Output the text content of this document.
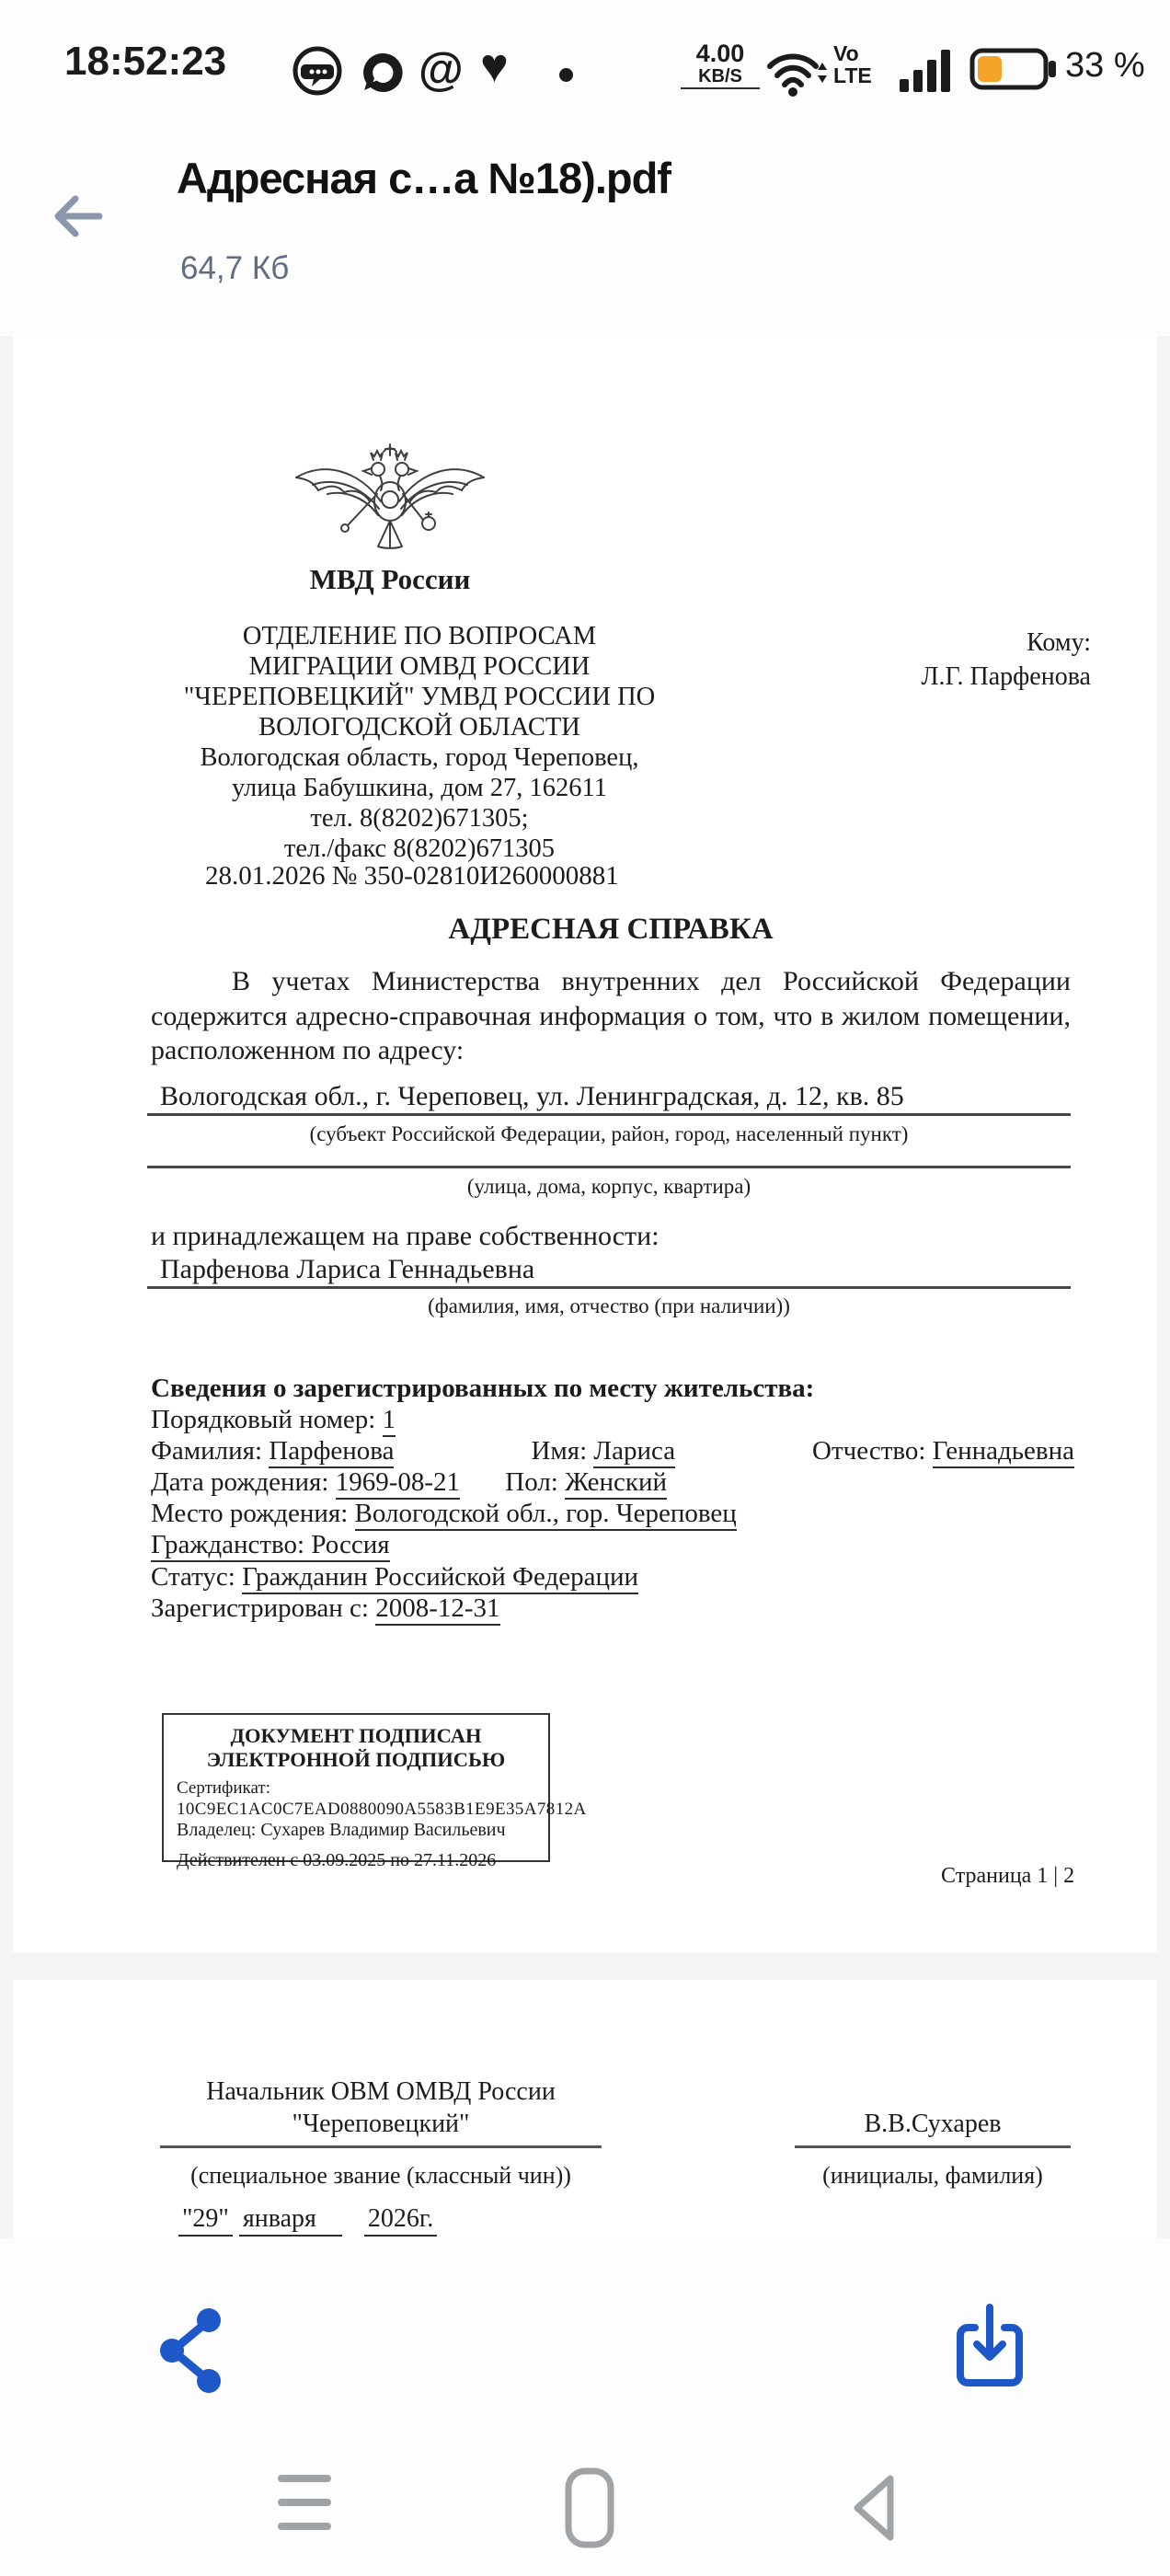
18:52:23	@ ♥	4.00
KB/S
Vo
LTE	33 %
Адресная с…а №18).pdf
64,7 Кб
МВД России
ОТДЕЛЕНИЕ ПО ВОПРОСАМ
МИГРАЦИИ ОМВД РОССИИ
"ЧЕРЕПОВЕЦКИЙ" УМВД РОССИИ ПО
ВОЛОГОДСКОЙ ОБЛАСТИ
Вологодская область, город Череповец,
улица Бабушкина, дом 27, 162611
тел. 8(8202)671305;
тел./факс 8(8202)671305
Кому:
Л.Г. Парфенова
28.01.2026 № 350-02810И260000881
АДРЕСНАЯ СПРАВКА
В учетах Министерства внутренних дел Российской Федерации содержится адресно-справочная информация о том, что в жилом помещении, расположенном по адресу:
Вологодская обл., г. Череповец, ул. Ленинградская, д. 12, кв. 85
(субъект Российской Федерации, район, город, населенный пункт)
(улица, дома, корпус, квартира)
и принадлежащем на праве собственности:
Парфенова Лариса Геннадьевна
(фамилия, имя, отчество (при наличии))
Сведения о зарегистрированных по месту жительства:
Порядковый номер: 1
Фамилия: Парфенова	Имя: Лариса	Отчество: Геннадьевна
Дата рождения: 1969-08-21 Пол: Женский
Место рождения: Вологодской обл., гор. Череповец
Гражданство: Россия
Статус: Гражданин Российской Федерации
Зарегистрирован с: 2008-12-31
ДОКУМЕНТ ПОДПИСАН
ЭЛЕКТРОННОЙ ПОДПИСЬЮ
Сертификат:
10C9EC1AC0C7EAD0880090A5583B1E9E35A7812A
Владелец: Сухарев Владимир Васильевич
Действителен с 03.09.2025 по 27.11.2026
Страница 1 | 2
Начальник ОВМ ОМВД России
"Череповецкий"
(специальное звание (классный чин))
В.В.Сухарев
(инициалы, фамилия)
"29" января 2026г.
